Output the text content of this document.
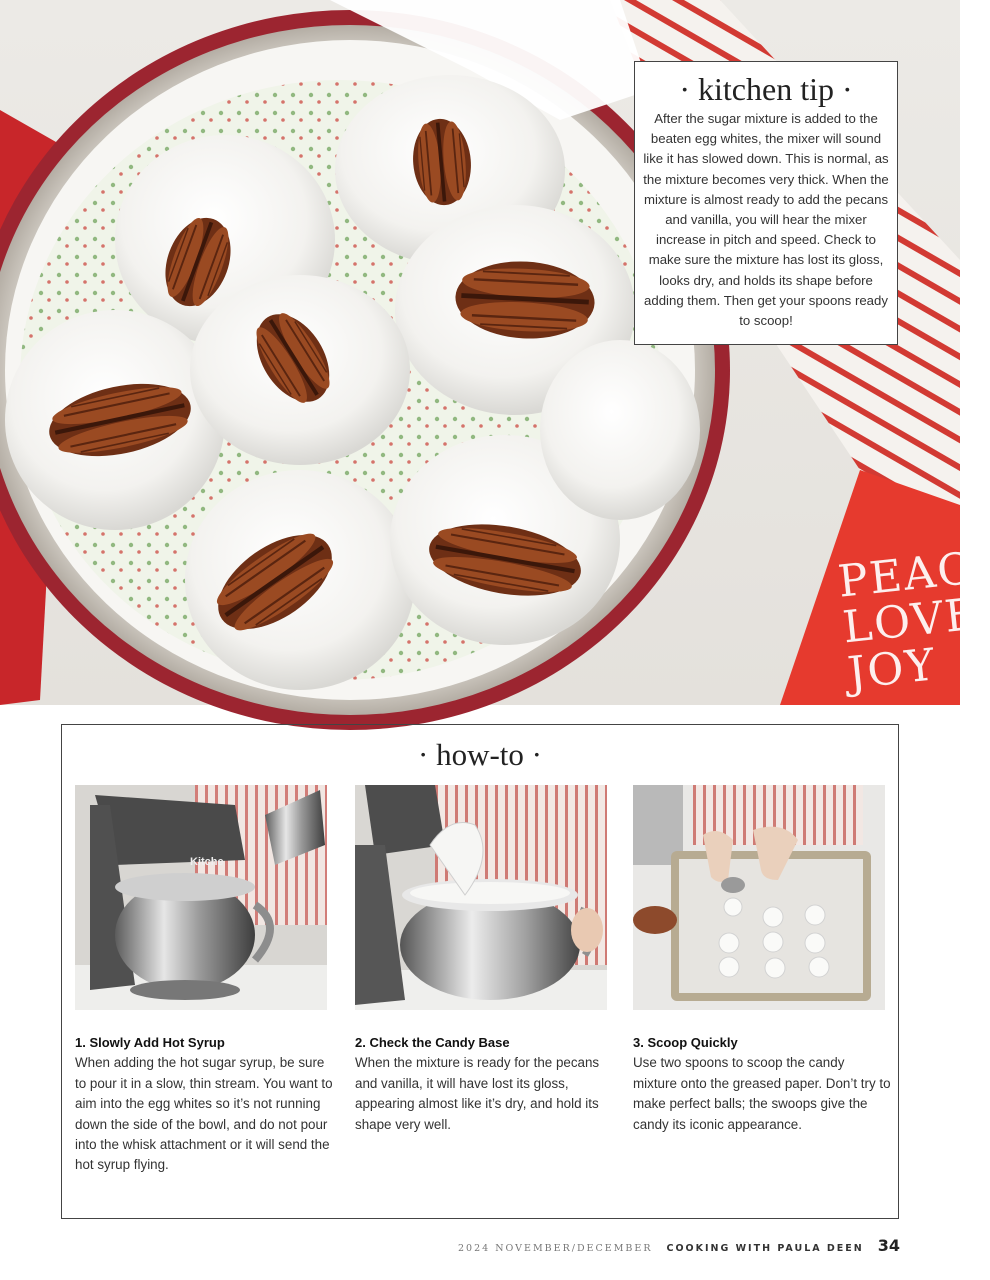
PEAC
LOVE
JOY
· kitchen tip ·
After the sugar mixture is added to the beaten egg whites, the mixer will sound like it has slowed down. This is normal, as the mixture becomes very thick. When the mixture is almost ready to add the pecans and vanilla, you will hear the mixer increase in pitch and speed. Check to make sure the mixture has lost its gloss, looks dry, and holds its shape before adding them. Then get your spoons ready to scoop!
· how-to ·
Kitche
1. Slowly Add Hot Syrup
When adding the hot sugar syrup, be sure to pour it in a slow, thin stream. You want to aim into the egg whites so it’s not running down the side of the bowl, and do not pour into the whisk attachment or it will send the hot syrup flying.
2. Check the Candy Base
When the mixture is ready for the pecans and vanilla, it will have lost its gloss, appearing almost like it’s dry, and hold its shape very well.
3. Scoop Quickly
Use two spoons to scoop the candy mixture onto the greased paper. Don’t try to make perfect balls; the swoops give the candy its iconic appearance.
2024 NOVEMBER/DECEMBER COOKING WITH PAULA DEEN 34
